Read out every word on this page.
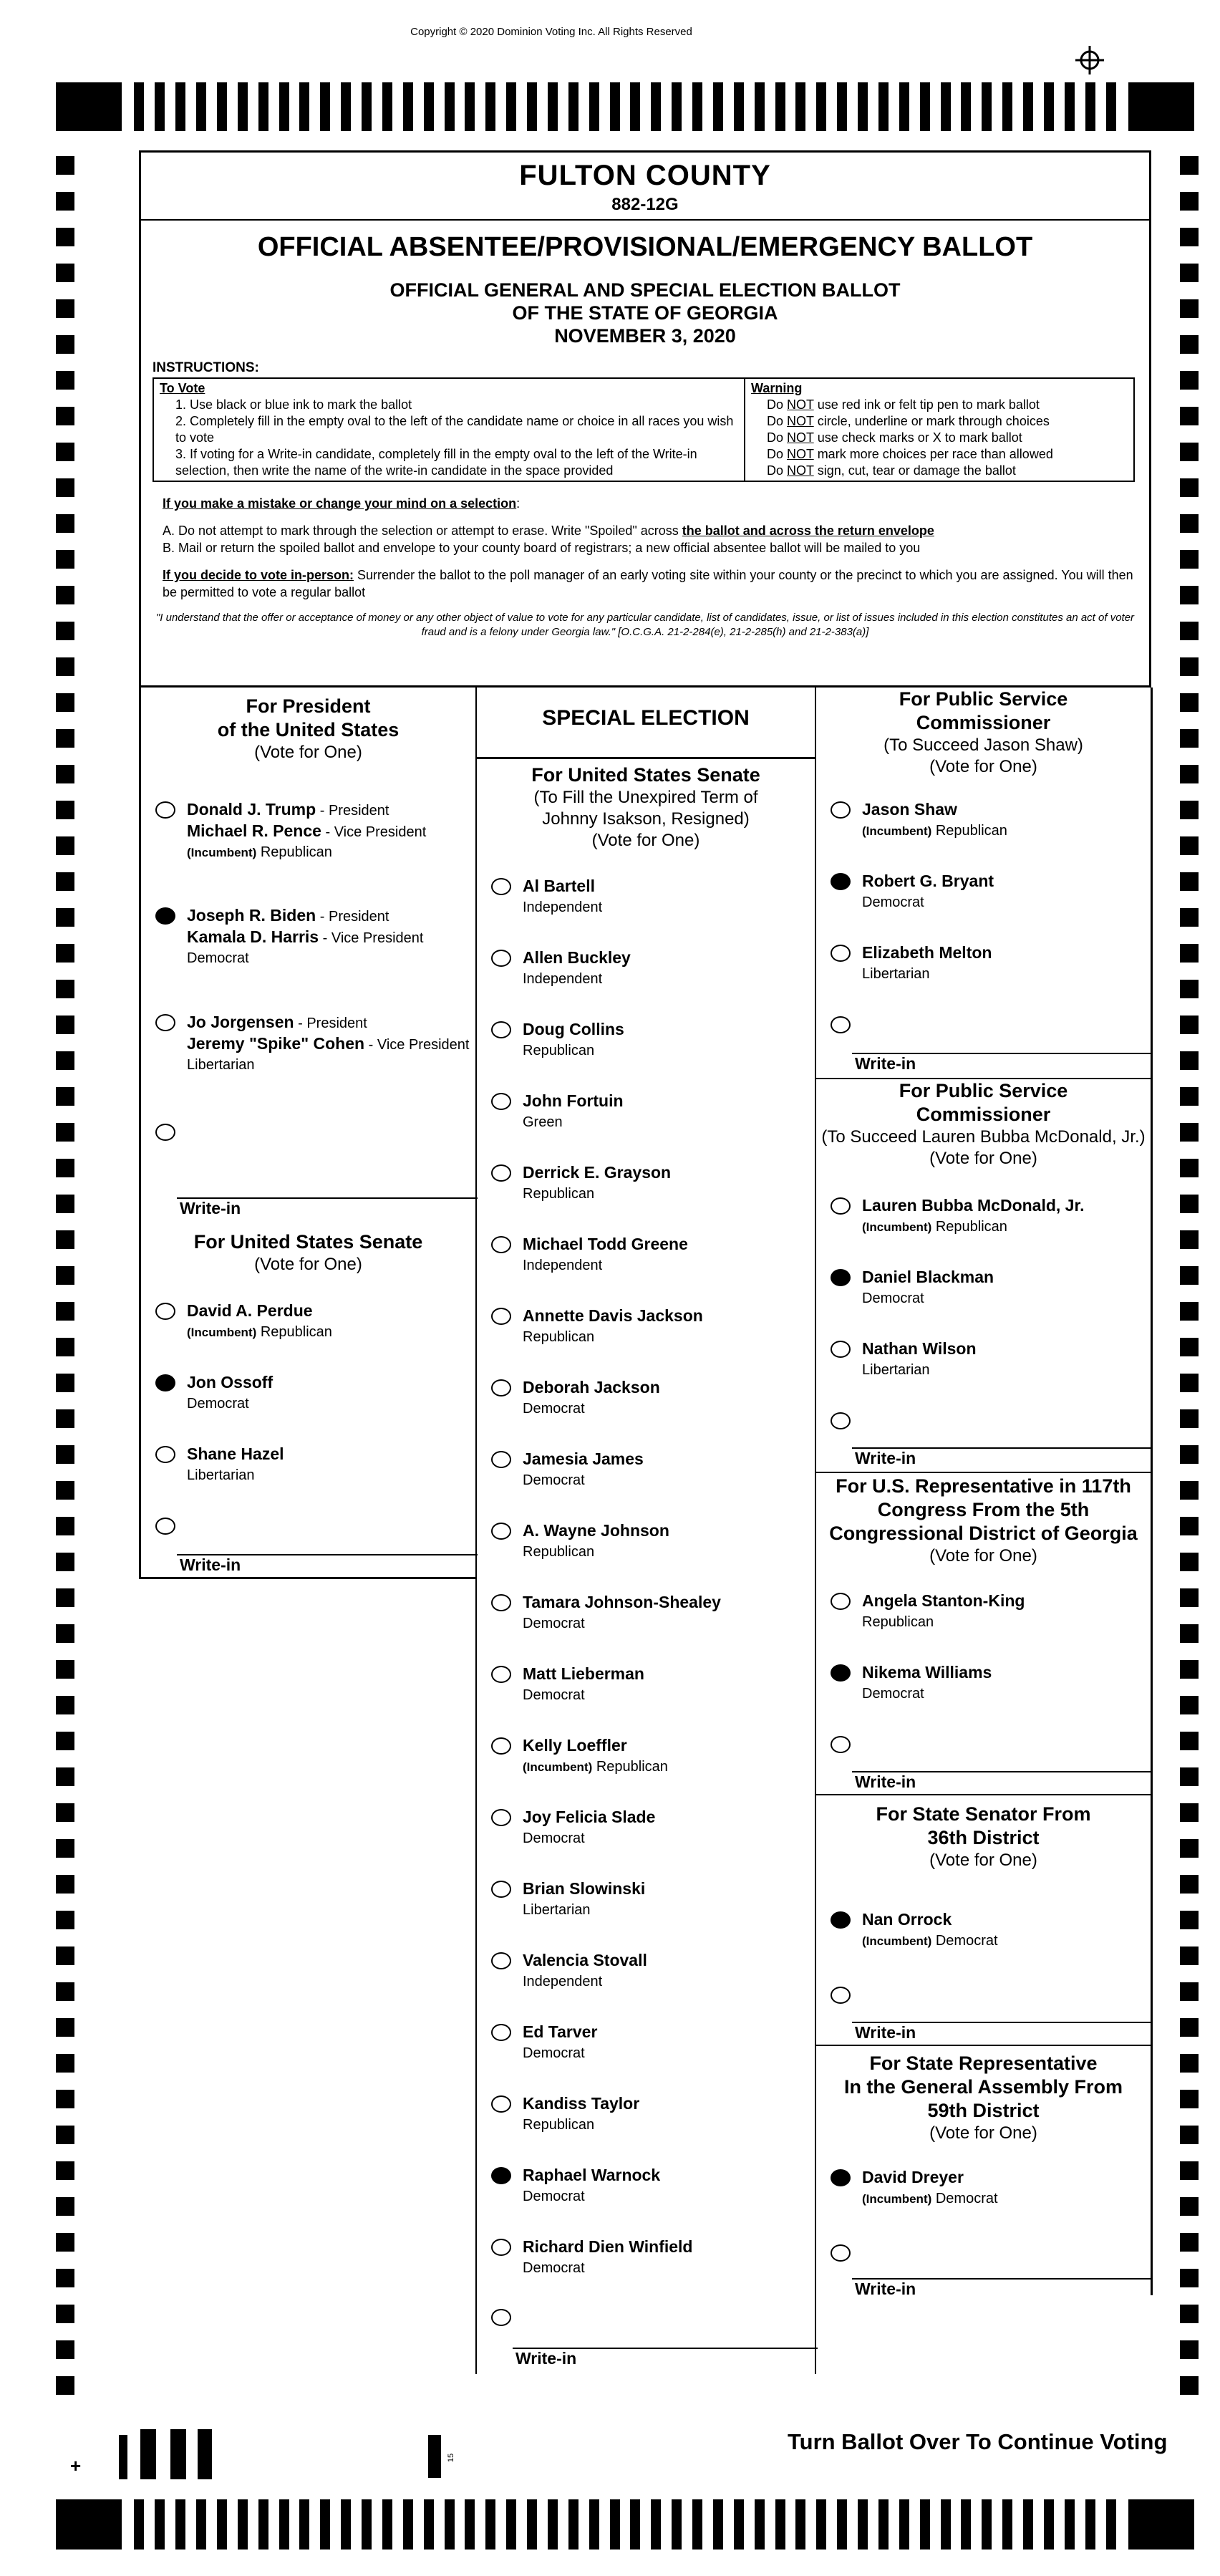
Copyright © 2020 Dominion Voting Inc. All Rights Reserved
FULTON COUNTY
882-12G
OFFICIAL ABSENTEE/PROVISIONAL/EMERGENCY BALLOT
OFFICIAL GENERAL AND SPECIAL ELECTION BALLOT
OF THE STATE OF GEORGIA
NOVEMBER 3, 2020
INSTRUCTIONS:
To Vote
1. Use black or blue ink to mark the ballot
2. Completely fill in the empty oval to the left of the candidate name or choice in all races you wish to vote
3. If voting for a Write-in candidate, completely fill in the empty oval to the left of the Write-in selection, then write the name of the write-in candidate in the space provided
Warning
Do NOT use red ink or felt tip pen to mark ballot
Do NOT circle, underline or mark through choices
Do NOT use check marks or X to mark ballot
Do NOT mark more choices per race than allowed
Do NOT sign, cut, tear or damage the ballot
If you make a mistake or change your mind on a selection:
A. Do not attempt to mark through the selection or attempt to erase. Write "Spoiled" across the ballot and across the return envelope
B. Mail or return the spoiled ballot and envelope to your county board of registrars; a new official absentee ballot will be mailed to you
If you decide to vote in-person: Surrender the ballot to the poll manager of an early voting site within your county or the precinct to which you are assigned. You will then be permitted to vote a regular ballot
"I understand that the offer or acceptance of money or any other object of value to vote for any particular candidate, list of candidates, issue, or list of issues included in this election constitutes an act of voter fraud and is a felony under Georgia law." [O.C.G.A. 21-2-284(e), 21-2-285(h) and 21-2-383(a)]
For President
of the United States
(Vote for One)
Donald J. Trump - President
Michael R. Pence - Vice President
(Incumbent) Republican
Joseph R. Biden - President
Kamala D. Harris - Vice President
Democrat
Jo Jorgensen - President
Jeremy "Spike" Cohen - Vice President
Libertarian
Write-in
For United States Senate
(Vote for One)
David A. Perdue
(Incumbent) Republican
Jon Ossoff
Democrat
Shane Hazel
Libertarian
Write-in
SPECIAL ELECTION
For United States Senate
(To Fill the Unexpired Term of
Johnny Isakson, Resigned)
(Vote for One)
Al Bartell
Independent
Allen Buckley
Independent
Doug Collins
Republican
John Fortuin
Green
Derrick E. Grayson
Republican
Michael Todd Greene
Independent
Annette Davis Jackson
Republican
Deborah Jackson
Democrat
Jamesia James
Democrat
A. Wayne Johnson
Republican
Tamara Johnson-Shealey
Democrat
Matt Lieberman
Democrat
Kelly Loeffler
(Incumbent) Republican
Joy Felicia Slade
Democrat
Brian Slowinski
Libertarian
Valencia Stovall
Independent
Ed Tarver
Democrat
Kandiss Taylor
Republican
Raphael Warnock
Democrat
Richard Dien Winfield
Democrat
Write-in
For Public Service
Commissioner
(To Succeed Jason Shaw)
(Vote for One)
Jason Shaw
(Incumbent) Republican
Robert G. Bryant
Democrat
Elizabeth Melton
Libertarian
Write-in
For Public Service
Commissioner
(To Succeed Lauren Bubba McDonald, Jr.)
(Vote for One)
Lauren Bubba McDonald, Jr.
(Incumbent) Republican
Daniel Blackman
Democrat
Nathan Wilson
Libertarian
Write-in
For U.S. Representative in 117th
Congress From the 5th
Congressional District of Georgia
(Vote for One)
Angela Stanton-King
Republican
Nikema Williams
Democrat
Write-in
For State Senator From
36th District
(Vote for One)
Nan Orrock
(Incumbent) Democrat
Write-in
For State Representative
In the General Assembly From
59th District
(Vote for One)
David Dreyer
(Incumbent) Democrat
Write-in
+	15
Turn Ballot Over To Continue Voting
